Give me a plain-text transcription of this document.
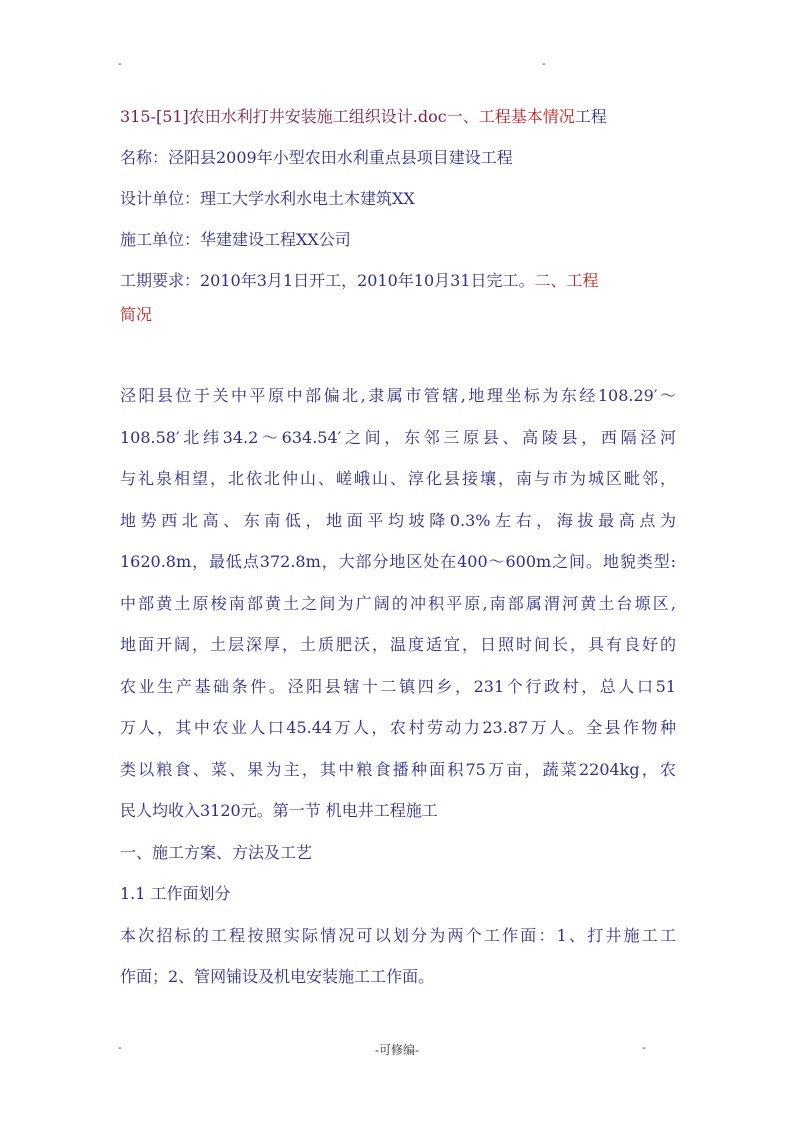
-	-
315-[51]农田水利打井安装施工组织设计.doc一、工程基本情况工程
名称：泾阳县2009年小型农田水利重点县项目建设工程
设计单位：理工大学水利水电土木建筑XX
施工单位：华建建设工程XX公司
工期要求：2010年3月1日开工，2010年10月31日完工。二、工程
简况
泾阳县位于关中平原中部偏北,隶属市管辖,地理坐标为东经108.29′～
108.58′北纬34.2～634.54′之间，东邻三原县、高陵县，西隔泾河
与礼泉相望，北依北仲山、嵯峨山、淳化县接壤，南与市为城区毗邻，
地势西北高、东南低，地面平均坡降0.3%左右，海拔最高点为
1620.8m，最低点372.8m，大部分地区处在400～600m之间。地貌类型:
中部黄土原梭南部黄土之间为广阔的冲积平原,南部属渭河黄土台塬区,
地面开阔，土层深厚，土质肥沃，温度适宜，日照时间长，具有良好的
农业生产基础条件。泾阳县辖十二镇四乡，231个行政村，总人口51
万人，其中农业人口45.44万人，农村劳动力23.87万人。全县作物种
类以粮食、菜、果为主，其中粮食播种面积75万亩，蔬菜2204kg，农
民人均收入3120元。第一节 机电井工程施工
一、施工方案、方法及工艺
1.1 工作面划分
本次招标的工程按照实际情况可以划分为两个工作面：1、打井施工工
作面；2、管网铺设及机电安装施工工作面。
-	-可修编-	-
